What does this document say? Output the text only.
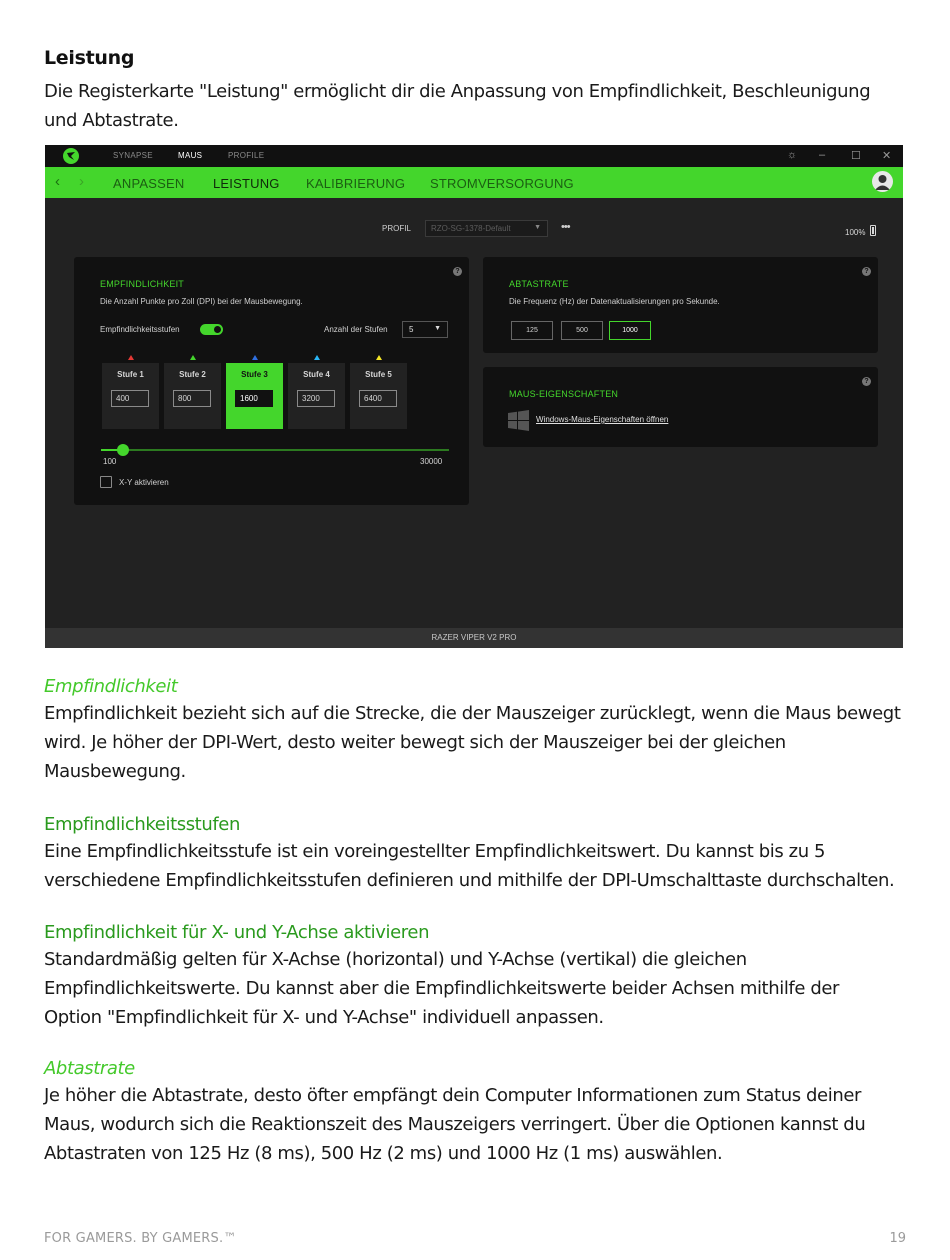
Leistung
Die Registerkarte "Leistung" ermöglicht dir die Anpassung von Empfindlichkeit, Beschleunigung
und Abtastrate.
SYNAPSE	MAUS	PROFILE	☼ – ☐ ✕
‹ › ANPASSEN LEISTUNG KALIBRIERUNG STROMVERSORGUNG
PROFIL	RZO-SG-1378-Default	▼ •••	100%
EMPFINDLICHKEIT
?
Die Anzahl Punkte pro Zoll (DPI) bei der Mausbewegung.
Empfindlichkeitsstufen	Anzahl der Stufen	5	▼
Stufe 1
400
Stufe 2
800
Stufe 3
1600
Stufe 4
3200
Stufe 5
6400
100	30000
X-Y aktivieren
ABTASTRATE
?
Die Frequenz (Hz) der Datenaktualisierungen pro Sekunde.
125	500	1000
MAUS-EIGENSCHAFTEN
?
Windows-Maus-Eigenschaften öffnen
RAZER VIPER V2 PRO
Empfindlichkeit
Empfindlichkeit bezieht sich auf die Strecke, die der Mauszeiger zurücklegt, wenn die Maus bewegt
wird. Je höher der DPI-Wert, desto weiter bewegt sich der Mauszeiger bei der gleichen
Mausbewegung.
Empfindlichkeitsstufen
Eine Empfindlichkeitsstufe ist ein voreingestellter Empfindlichkeitswert. Du kannst bis zu 5
verschiedene Empfindlichkeitsstufen definieren und mithilfe der DPI-Umschalttaste durchschalten.
Empfindlichkeit für X- und Y-Achse aktivieren
Standardmäßig gelten für X-Achse (horizontal) und Y-Achse (vertikal) die gleichen
Empfindlichkeitswerte. Du kannst aber die Empfindlichkeitswerte beider Achsen mithilfe der
Option "Empfindlichkeit für X- und Y-Achse" individuell anpassen.
Abtastrate
Je höher die Abtastrate, desto öfter empfängt dein Computer Informationen zum Status deiner
Maus, wodurch sich die Reaktionszeit des Mauszeigers verringert. Über die Optionen kannst du
Abtastraten von 125 Hz (8 ms), 500 Hz (2 ms) und 1000 Hz (1 ms) auswählen.
FOR GAMERS. BY GAMERS.™	19
